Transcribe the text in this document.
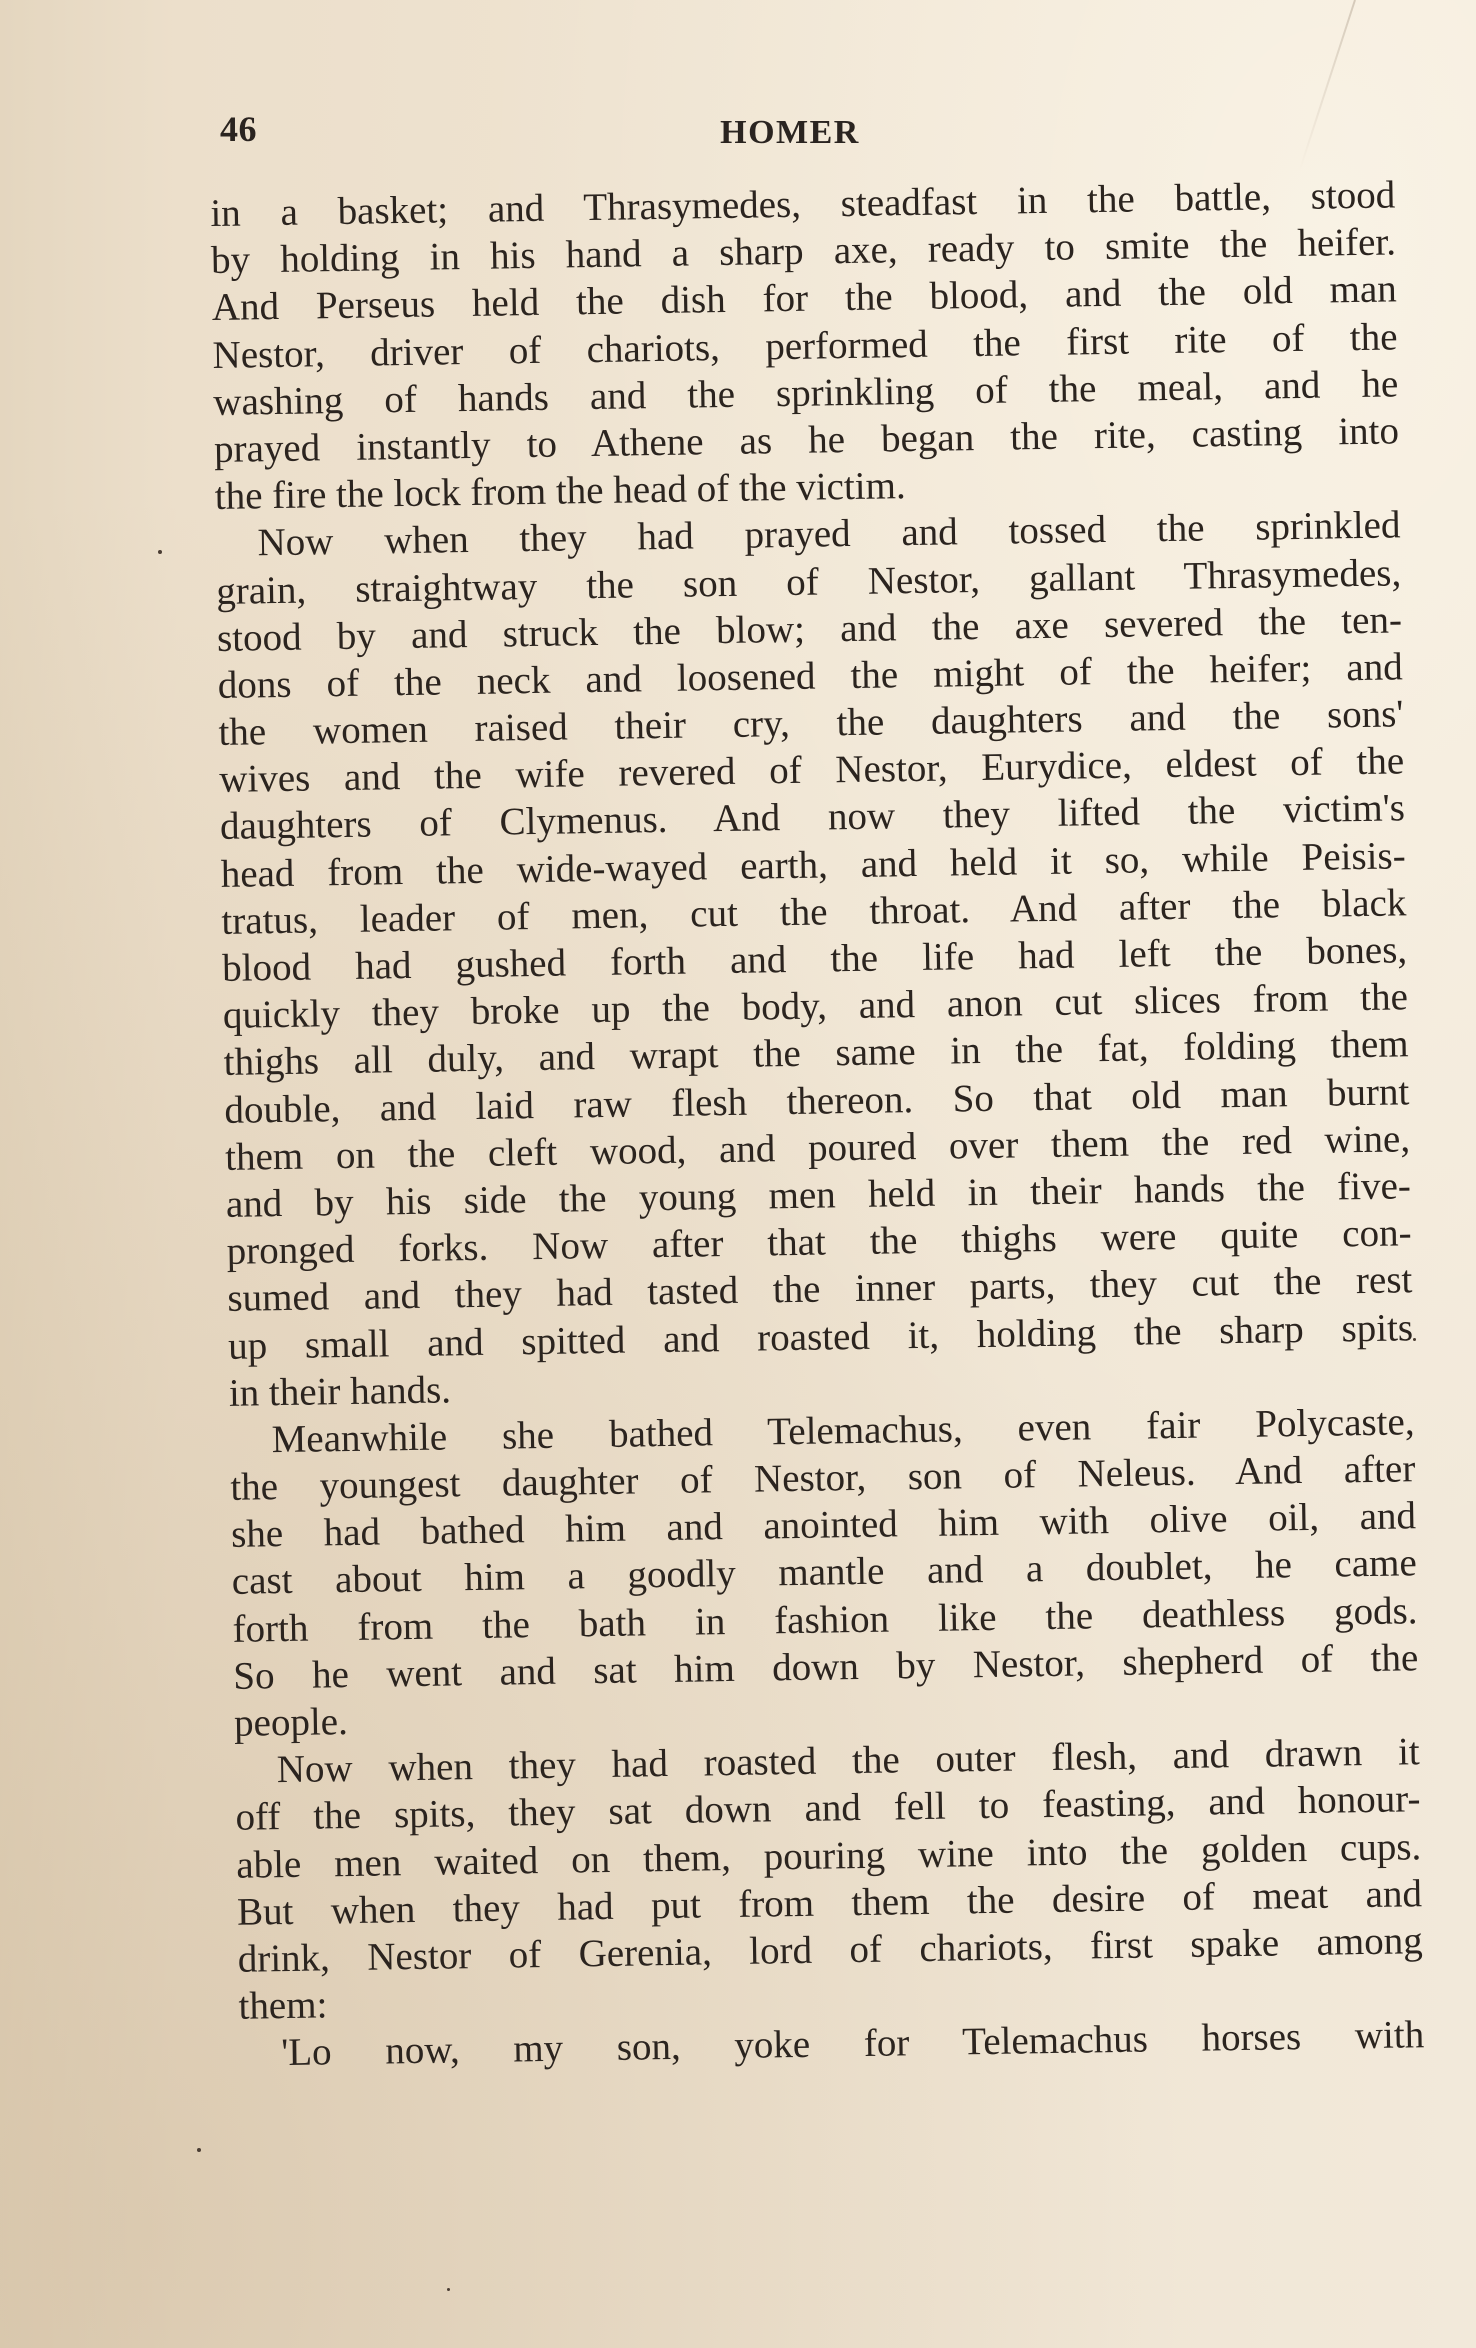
46	HOMER
in a basket; and Thrasymedes, steadfast in the battle, stood
by holding in his hand a sharp axe, ready to smite the heifer.
And Perseus held the dish for the blood, and the old man
Nestor, driver of chariots, performed the first rite of the
washing of hands and the sprinkling of the meal, and he
prayed instantly to Athene as he began the rite, casting into
the fire the lock from the head of the victim.
Now when they had prayed and tossed the sprinkled
grain, straightway the son of Nestor, gallant Thrasymedes,
stood by and struck the blow; and the axe severed the ten-
dons of the neck and loosened the might of the heifer; and
the women raised their cry, the daughters and the sons'
wives and the wife revered of Nestor, Eurydice, eldest of the
daughters of Clymenus. And now they lifted the victim's
head from the wide-wayed earth, and held it so, while Peisis-
tratus, leader of men, cut the throat. And after the black
blood had gushed forth and the life had left the bones,
quickly they broke up the body, and anon cut slices from the
thighs all duly, and wrapt the same in the fat, folding them
double, and laid raw flesh thereon. So that old man burnt
them on the cleft wood, and poured over them the red wine,
and by his side the young men held in their hands the five-
pronged forks. Now after that the thighs were quite con-
sumed and they had tasted the inner parts, they cut the rest
up small and spitted and roasted it, holding the sharp spits
in their hands.
Meanwhile she bathed Telemachus, even fair Polycaste,
the youngest daughter of Nestor, son of Neleus. And after
she had bathed him and anointed him with olive oil, and
cast about him a goodly mantle and a doublet, he came
forth from the bath in fashion like the deathless gods.
So he went and sat him down by Nestor, shepherd of the
people.
Now when they had roasted the outer flesh, and drawn it
off the spits, they sat down and fell to feasting, and honour-
able men waited on them, pouring wine into the golden cups.
But when they had put from them the desire of meat and
drink, Nestor of Gerenia, lord of chariots, first spake among
them:
'Lo now, my son, yoke for Telemachus horses with
